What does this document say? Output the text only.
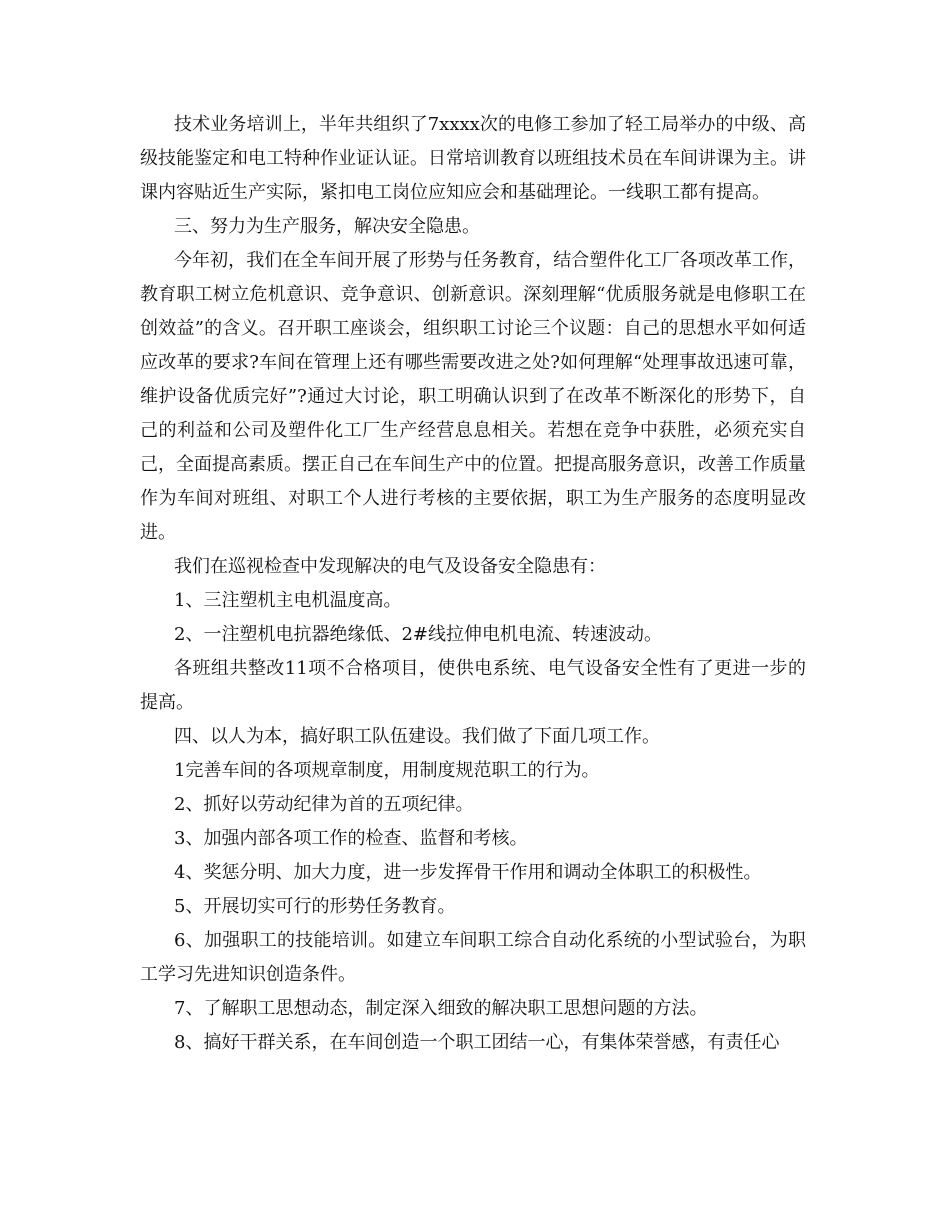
技术业务培训上，半年共组织了7xxxx次的电修工参加了轻工局举办的中级、高级技能鉴定和电工特种作业证认证。日常培训教育以班组技术员在车间讲课为主。讲课内容贴近生产实际，紧扣电工岗位应知应会和基础理论。一线职工都有提高。

三、努力为生产服务，解决安全隐患。

今年初，我们在全车间开展了形势与任务教育，结合塑件化工厂各项改革工作，教育职工树立危机意识、竞争意识、创新意识。深刻理解“优质服务就是电修职工在创效益”的含义。召开职工座谈会，组织职工讨论三个议题：自己的思想水平如何适应改革的要求?车间在管理上还有哪些需要改进之处?如何理解“处理事故迅速可靠，维护设备优质完好”?通过大讨论，职工明确认识到了在改革不断深化的形势下，自己的利益和公司及塑件化工厂生产经营息息相关。若想在竞争中获胜，必须充实自己，全面提高素质。摆正自己在车间生产中的位置。把提高服务意识，改善工作质量作为车间对班组、对职工个人进行考核的主要依据，职工为生产服务的态度明显改进。

我们在巡视检查中发现解决的电气及设备安全隐患有：

1、三注塑机主电机温度高。

2、一注塑机电抗器绝缘低、2#线拉伸电机电流、转速波动。

各班组共整改11项不合格项目，使供电系统、电气设备安全性有了更进一步的提高。

四、以人为本，搞好职工队伍建设。我们做了下面几项工作。

1完善车间的各项规章制度，用制度规范职工的行为。

2、抓好以劳动纪律为首的五项纪律。

3、加强内部各项工作的检查、监督和考核。

4、奖惩分明、加大力度，进一步发挥骨干作用和调动全体职工的积极性。

5、开展切实可行的形势任务教育。

6、加强职工的技能培训。如建立车间职工综合自动化系统的小型试验台，为职工学习先进知识创造条件。

7、了解职工思想动态，制定深入细致的解决职工思想问题的方法。

8、搞好干群关系，在车间创造一个职工团结一心，有集体荣誉感，有责任心
